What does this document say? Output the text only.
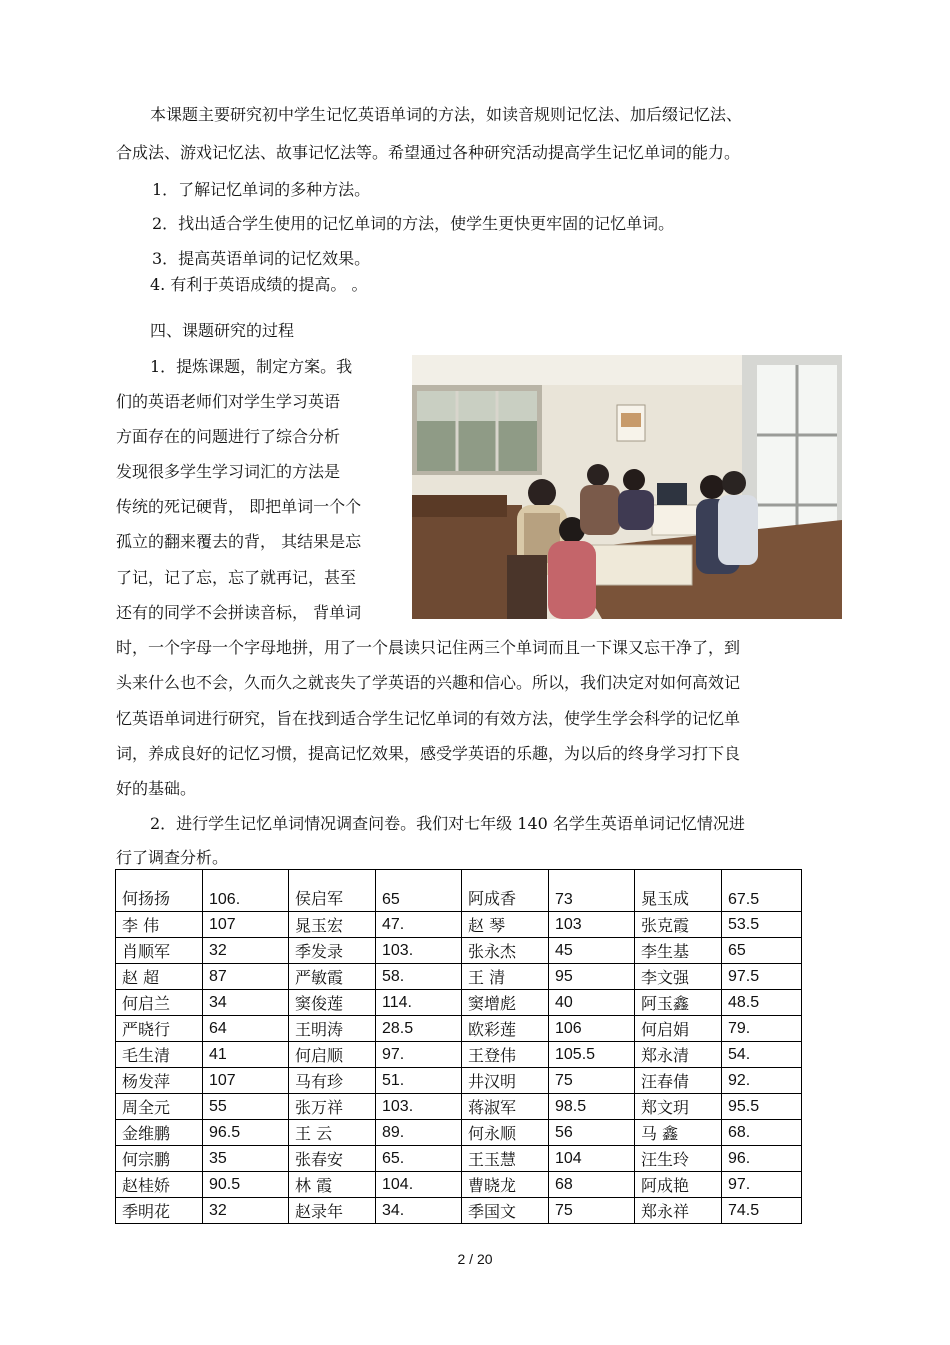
本课题主要研究初中学生记忆英语单词的方法，如读音规则记忆法、加后缀记忆法、

合成法、游戏记忆法、故事记忆法等。希望通过各种研究活动提高学生记忆单词的能力。

1．了解记忆单词的多种方法。

2．找出适合学生使用的记忆单词的方法，使学生更快更牢固的记忆单词。

3．提高英语单词的记忆效果。

4. 有利于英语成绩的提高。 。

四、课题研究的过程

1．提炼课题，制定方案。我

们的英语老师们对学生学习英语

方面存在的问题进行了综合分析

发现很多学生学习词汇的方法是

传统的死记硬背， 即把单词一个个

孤立的翻来覆去的背， 其结果是忘

了记，记了忘，忘了就再记，甚至

还有的同学不会拼读音标， 背单词

时，一个字母一个字母地拼，用了一个晨读只记住两三个单词而且一下课又忘干净了，到

头来什么也不会，久而久之就丧失了学英语的兴趣和信心。所以，我们决定对如何高效记

忆英语单词进行研究，旨在找到适合学生记忆单词的有效方法，使学生学会科学的记忆单

词，养成良好的记忆习惯，提高记忆效果，感受学英语的乐趣，为以后的终身学习打下良

好的基础。

2．进行学生记忆单词情况调查问卷。我们对七年级 140 名学生英语单词记忆情况进

行了调查分析。

何扬扬	106.	侯启军	65	阿成香	73	晁玉成	67.5
李 伟	107	晁玉宏	47.	赵 琴	103	张克霞	53.5
肖顺军	32	季发录	103.	张永杰	45	李生基	65
赵 超	87	严敏霞	58.	王 清	95	李文强	97.5
何启兰	34	窦俊莲	114.	窦增彪	40	阿玉鑫	48.5
严晓行	64	王明涛	28.5	欧彩莲	106	何启娟	79.
毛生清	41	何启顺	97.	王登伟	105.5	郑永清	54.
杨发萍	107	马有珍	51.	井汉明	75	汪春倩	92.
周全元	55	张万祥	103.	蒋淑军	98.5	郑文玥	95.5
金维鹏	96.5	王 云	89.	何永顺	56	马 鑫	68.
何宗鹏	35	张春安	65.	王玉慧	104	汪生玲	96.
赵桂娇	90.5	林 霞	104.	曹晓龙	68	阿成艳	97.
季明花	32	赵录年	34.	季国文	75	郑永祥	74.5
2 / 20
